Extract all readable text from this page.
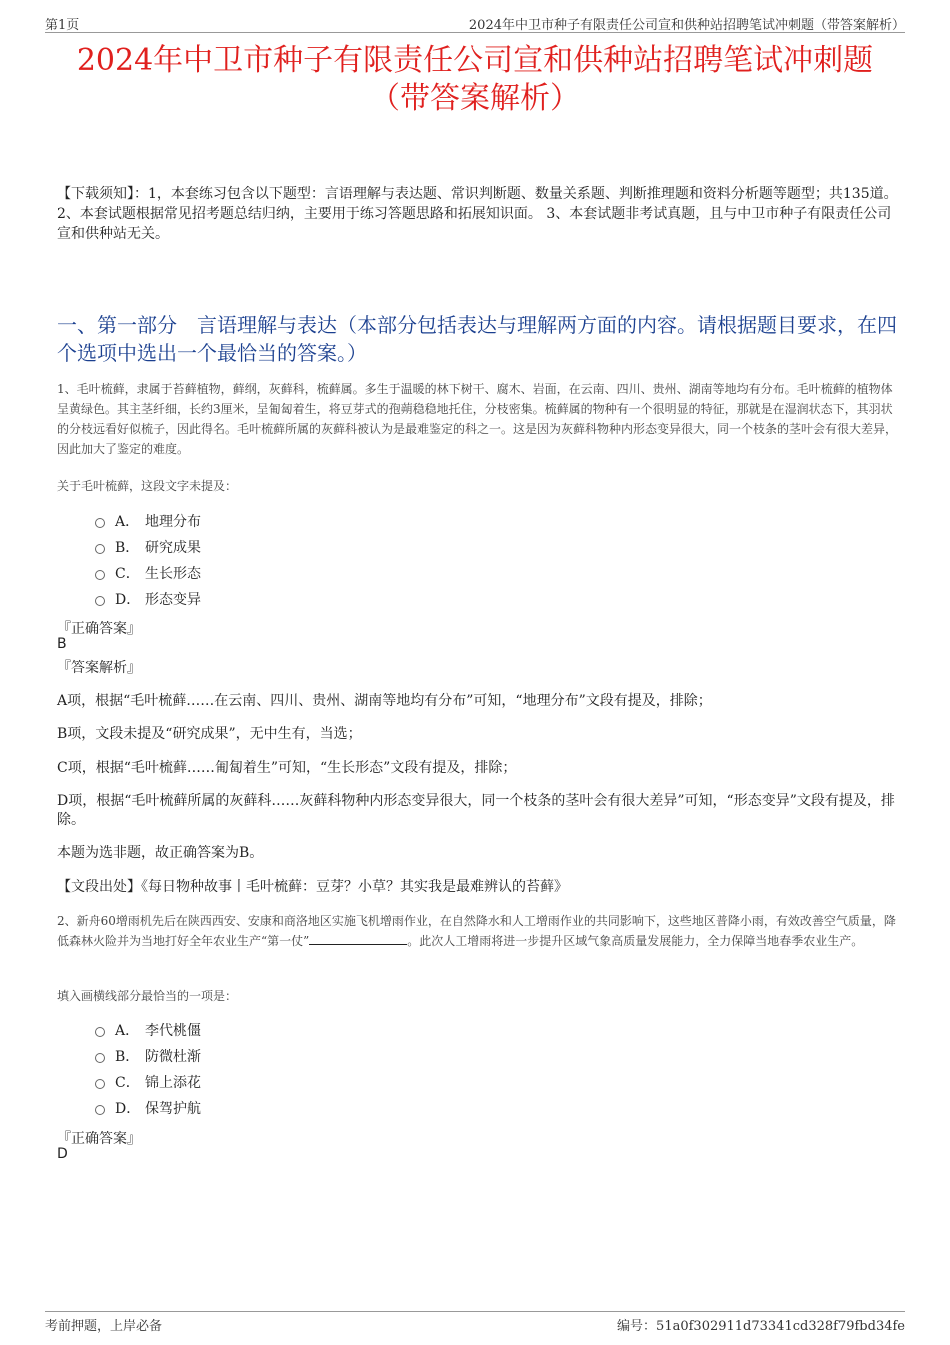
第1页	2024年中卫市种子有限责任公司宣和供种站招聘笔试冲刺题（带答案解析）
2024年中卫市种子有限责任公司宣和供种站招聘笔试冲刺题
（带答案解析）
【下载须知】：1，本套练习包含以下题型：言语理解与表达题、常识判断题、数量关系题、判断推理题和资料分析题等题型；共135道。 2、本套试题根据常见招考题总结归纳，主要用于练习答题思路和拓展知识面。 3、本套试题非考试真题，且与中卫市种子有限责任公司宣和供种站无关。
一、第一部分　言语理解与表达（本部分包括表达与理解两方面的内容。请根据题目要求，在四个选项中选出一个最恰当的答案。）
1、毛叶梳藓，隶属于苔藓植物，藓纲，灰藓科，梳藓属。多生于温暖的林下树干、腐木、岩面，在云南、四川、贵州、湖南等地均有分布。毛叶梳藓的植物体呈黄绿色。其主茎纤细，长约3厘米，呈匍匐着生，将豆芽式的孢蒴稳稳地托住，分枝密集。梳藓属的物种有一个很明显的特征，那就是在湿润状态下，其羽状的分枝远看好似梳子，因此得名。毛叶梳藓所属的灰藓科被认为是最难鉴定的科之一。这是因为灰藓科物种内形态变异很大，同一个枝条的茎叶会有很大差异，因此加大了鉴定的难度。
关于毛叶梳藓，这段文字未提及：
A． 地理分布
B． 研究成果
C． 生长形态
D． 形态变异
『正确答案』
B
『答案解析』
A项，根据“毛叶梳藓……在云南、四川、贵州、湖南等地均有分布”可知，“地理分布”文段有提及，排除；
B项，文段未提及“研究成果”，无中生有，当选；
C项，根据“毛叶梳藓……匍匐着生”可知，“生长形态”文段有提及，排除；
D项，根据“毛叶梳藓所属的灰藓科……灰藓科物种内形态变异很大，同一个枝条的茎叶会有很大差异”可知，“形态变异”文段有提及，排除。
本题为选非题，故正确答案为B。
【文段出处】《每日物种故事丨毛叶梳藓：豆芽？小草？其实我是最难辨认的苔藓》
2、新舟60增雨机先后在陕西西安、安康和商洛地区实施飞机增雨作业，在自然降水和人工增雨作业的共同影响下，这些地区普降小雨，有效改善空气质量，降低森林火险并为当地打好全年农业生产“第一仗”	。此次人工增雨将进一步提升区域气象高质量发展能力，全力保障当地春季农业生产。
填入画横线部分最恰当的一项是：
A． 李代桃僵
B． 防微杜渐
C． 锦上添花
D． 保驾护航
『正确答案』
D
考前押题，上岸必备	编号：51a0f302911d73341cd328f79fbd34fe
